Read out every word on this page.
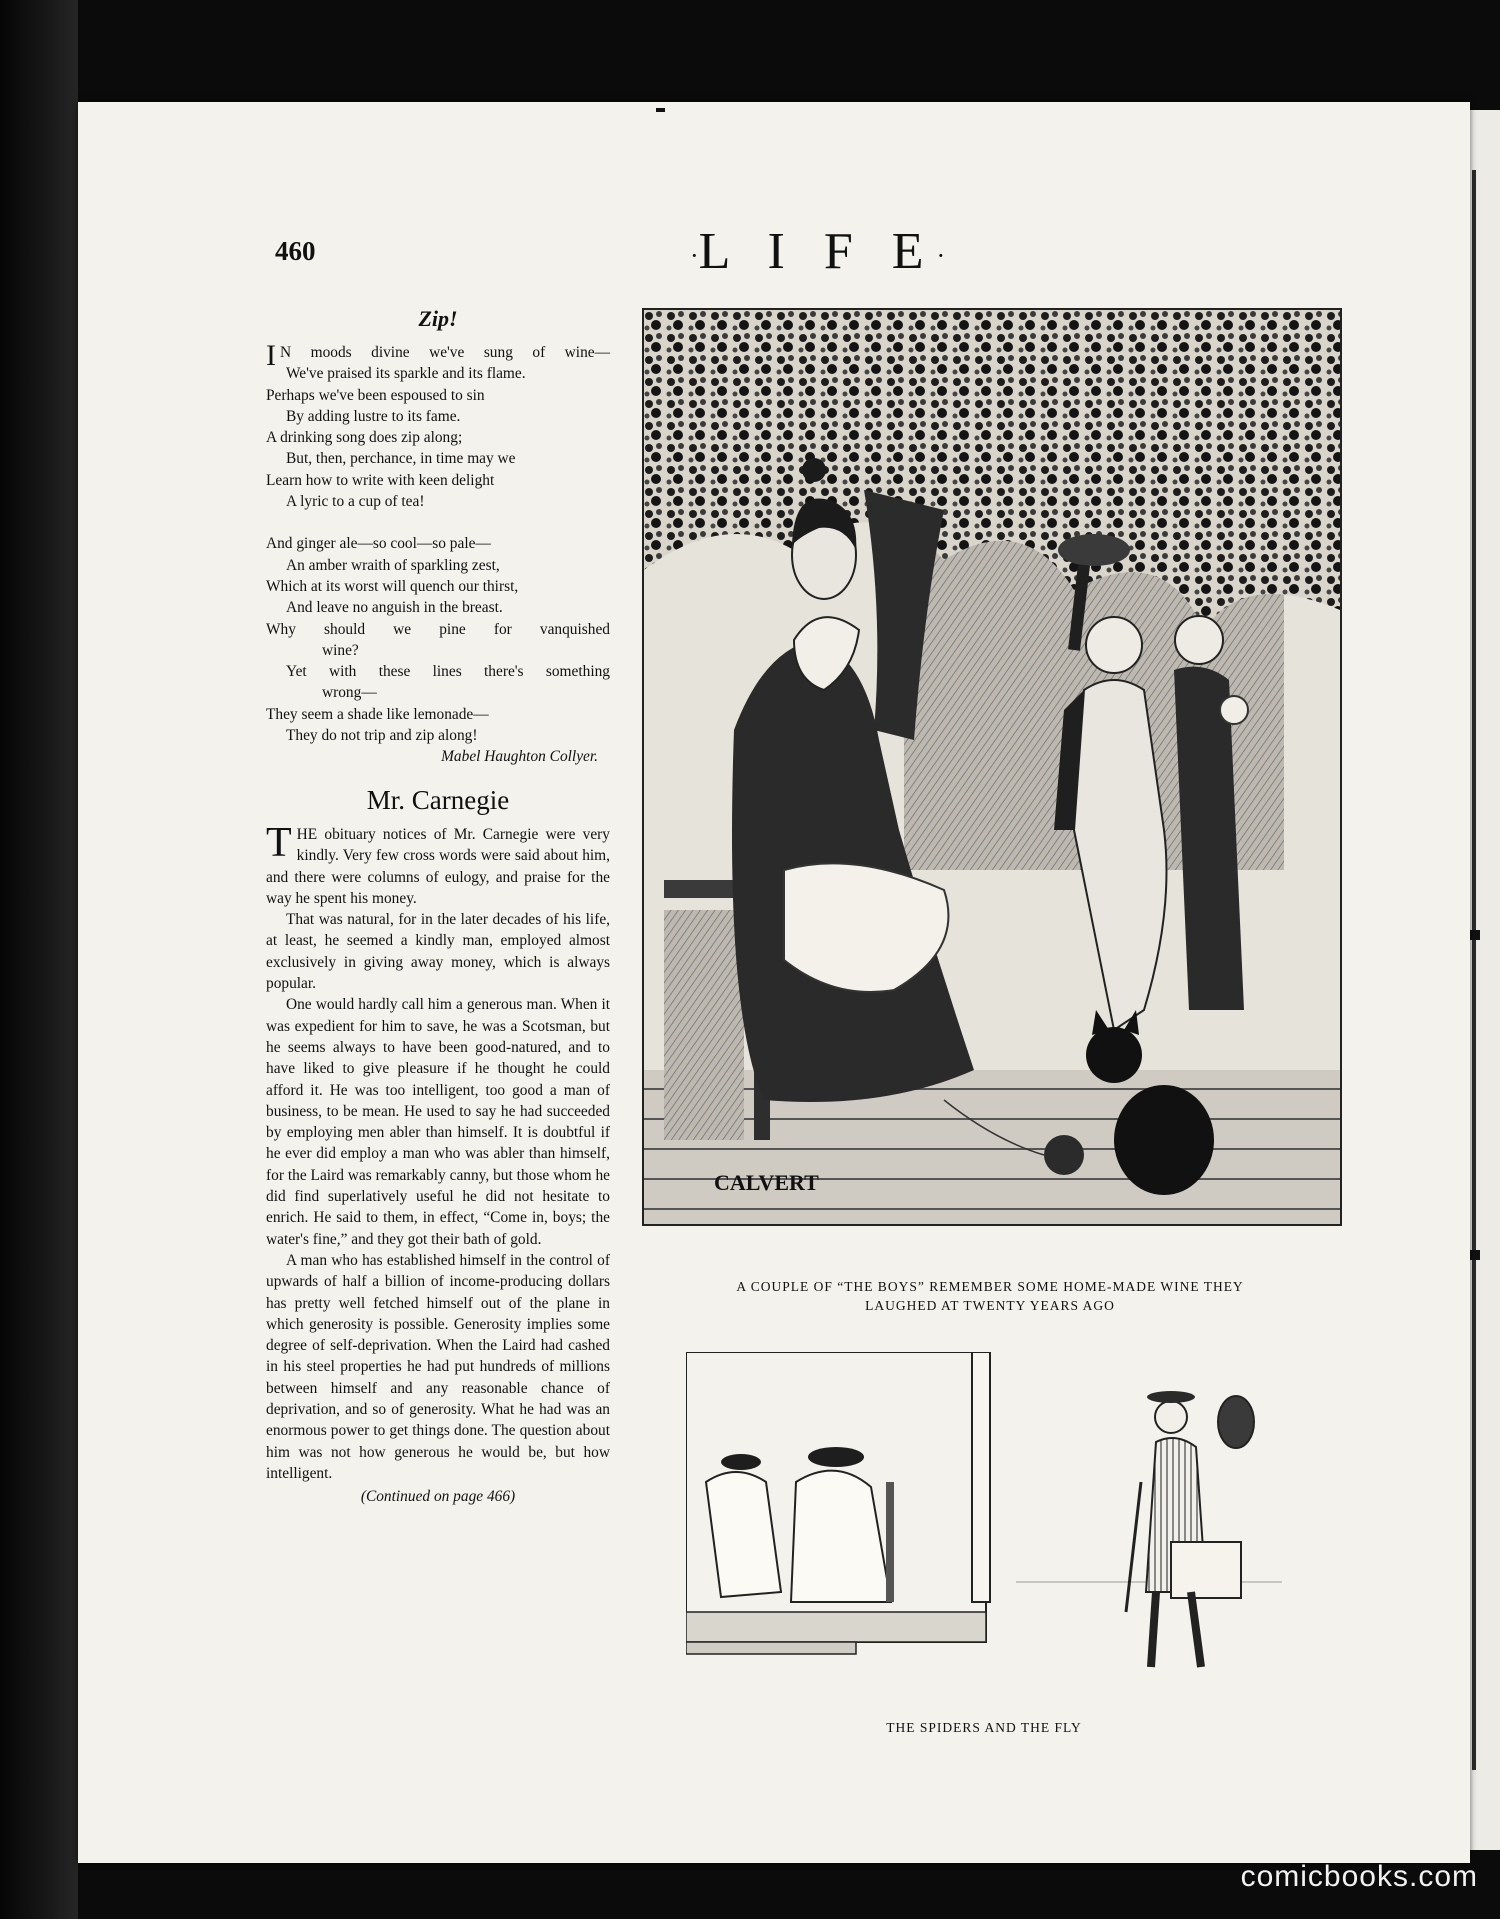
460	·L I F E·
Zip!
I N moods divine we've sung of wine—
We've praised its sparkle and its flame.
Perhaps we've been espoused to sin
By adding lustre to its fame.
A drinking song does zip along;
But, then, perchance, in time may we
Learn how to write with keen delight
A lyric to a cup of tea!
And ginger ale—so cool—so pale—
An amber wraith of sparkling zest,
Which at its worst will quench our thirst,
And leave no anguish in the breast.
Why should we pine for vanquished
wine?
Yet with these lines there's something
wrong—
They seem a shade like lemonade—
They do not trip and zip along!
Mabel Haughton Collyer.
Mr. Carnegie

THE obituary notices of Mr. Carnegie were very kindly. Very few cross words were said about him, and there were columns of eulogy, and praise for the way he spent his money.

That was natural, for in the later decades of his life, at least, he seemed a kindly man, employed almost exclusively in giving away money, which is always popular.

One would hardly call him a generous man. When it was expedient for him to save, he was a Scotsman, but he seems always to have been good-natured, and to have liked to give pleasure if he thought he could afford it. He was too intelligent, too good a man of business, to be mean. He used to say he had succeeded by employing men abler than himself. It is doubtful if he ever did employ a man who was abler than himself, for the Laird was remarkably canny, but those whom he did find superlatively useful he did not hesitate to enrich. He said to them, in effect, “Come in, boys; the water's fine,” and they got their bath of gold.

A man who has established himself in the control of upwards of half a billion of income-producing dollars has pretty well fetched himself out of the plane in which generosity is possible. Generosity implies some degree of self-deprivation. When the Laird had cashed in his steel properties he had put hundreds of millions between himself and any reasonable chance of deprivation, and so of generosity. What he had was an enormous power to get things done. The question about him was not how generous he would be, but how intelligent.

(Continued on page 466)
CALVERT
A COUPLE OF “THE BOYS” REMEMBER SOME HOME-MADE WINE THEY
LAUGHED AT TWENTY YEARS AGO
THE SPIDERS AND THE FLY
comicbooks.com
